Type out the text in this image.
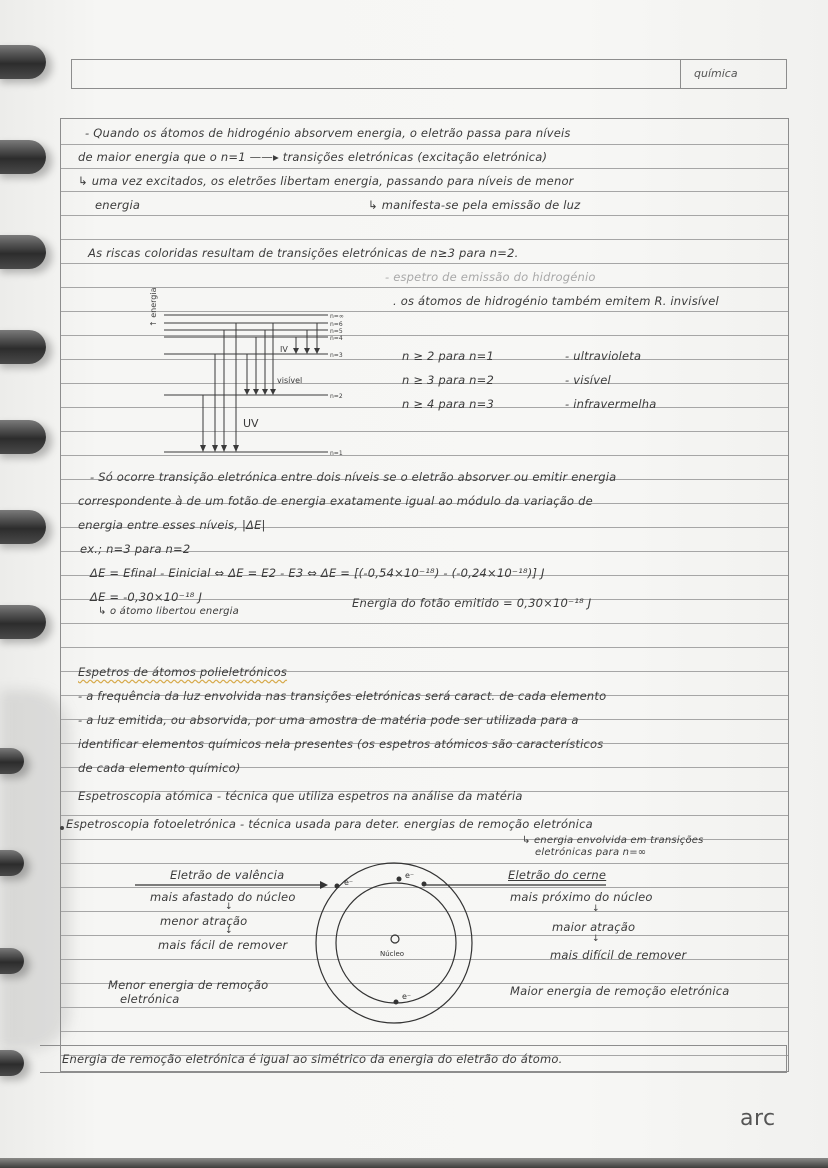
química
- Quando os átomos de hidrogénio absorvem energia, o eletrão passa para níveis
de maior energia que o n=1 ——▸ transições eletrónicas (excitação eletrónica)
↳ uma vez excitados, os eletrões libertam energia, passando para níveis de menor
energia	↳ manifesta-se pela emissão de luz
As riscas coloridas resultam de transições eletrónicas de n≥3 para n=2.
- espetro de emissão do hidrogénio
. os átomos de hidrogénio também emitem R. invisível
n ≥ 2 para n=1	- ultravioleta
n ≥ 3 para n=2	- visível
n ≥ 4 para n=3	- infravermelha
n=∞
n=6
n=5
n=4
n=3
n=2
n=1
IV
visível
UV
↑ energia
- Só ocorre transição eletrónica entre dois níveis se o eletrão absorver ou emitir energia
correspondente à de um fotão de energia exatamente igual ao módulo da variação de
energia entre esses níveis, |ΔE|
ex.; n=3 para n=2
ΔE = Efinal - Einicial ⇔ ΔE = E2 - E3 ⇔ ΔE = [(-0,54×10⁻¹⁸) - (-0,24×10⁻¹⁸)] J
ΔE = -0,30×10⁻¹⁸ J
↳ o átomo libertou energia
Energia do fotão emitido = 0,30×10⁻¹⁸ J
Espetros de átomos polieletrónicos
- a frequência da luz envolvida nas transições eletrónicas será caract. de cada elemento
- a luz emitida, ou absorvida, por uma amostra de matéria pode ser utilizada para a
identificar elementos químicos nela presentes (os espetros atómicos são característicos
de cada elemento químico)
Espetroscopia atómica - técnica que utiliza espetros na análise da matéria
Espetroscopia fotoeletrónica - técnica usada para deter. energias de remoção eletrónica
↳ energia envolvida em transições
eletrónicas para n=∞
Eletrão de valência
mais afastado do núcleo
↓
menor atração
↓
mais fácil de remover
Menor energia de remoção
eletrónica
Eletrão do cerne
mais próximo do núcleo
↓
maior atração
↓
mais difícil de remover
Maior energia de remoção eletrónica
e⁻
e⁻
e⁻
Núcleo
Energia de remoção eletrónica é igual ao simétrico da energia do eletrão do átomo.
arc
